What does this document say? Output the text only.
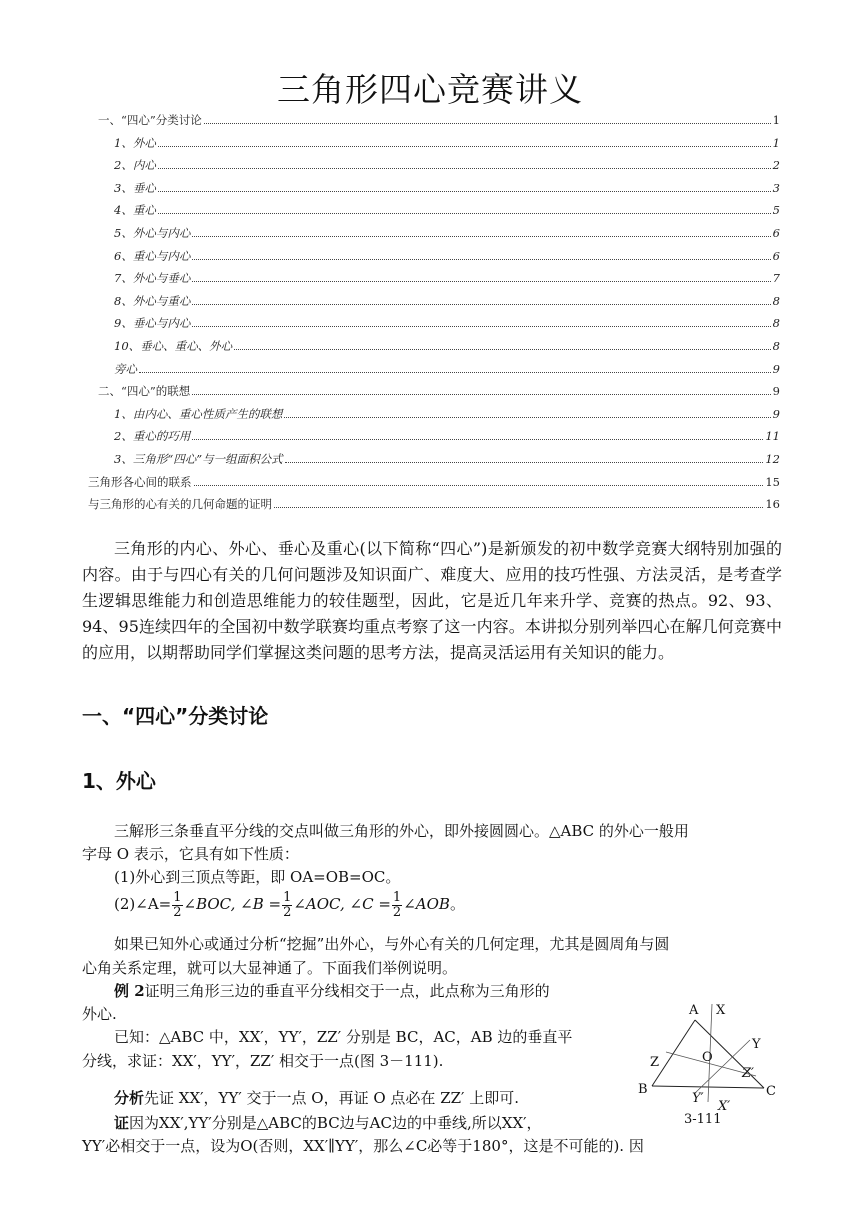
三角形四心竞赛讲义
一、“四心”分类讨论	1
1、外心	1
2、内心	2
3、垂心	3
4、重心	5
5、外心与内心	6
6、重心与内心	6
7、外心与垂心	7
8、外心与重心	8
9、垂心与内心	8
10、垂心、重心、外心	8
旁心	9
二、“四心”的联想	9
1、由内心、重心性质产生的联想	9
2、重心的巧用	11
3、三角形“四心”与一组面积公式	12
三角形各心间的联系	15
与三角形的心有关的几何命题的证明	16

三角形的内心、外心、垂心及重心(以下简称“四心”)是新颁发的初中数学竞赛大纲特别加强的内容。由于与四心有关的几何问题涉及知识面广、难度大、应用的技巧性强、方法灵活，是考查学生逻辑思维能力和创造思维能力的较佳题型，因此，它是近几年来升学、竞赛的热点。92、93、94、95连续四年的全国初中数学联赛均重点考察了这一内容。本讲拟分别列举四心在解几何竞赛中的应用，以期帮助同学们掌握这类问题的思考方法，提高灵活运用有关知识的能力。

一、“四心”分类讨论
1、外心

三解形三条垂直平分线的交点叫做三角形的外心，即外接圆圆心。△ABC 的外心一般用

字母 O 表示，它具有如下性质：

(1)外心到三顶点等距，即 OA=OB=OC。

(2)∠A= $\frac{1}{2}$ ∠BOC, ∠B = $\frac{1}{2}$ ∠AOC, ∠C = $\frac{1}{2}$ ∠AOB。

如果已知外心或通过分析“挖掘”出外心，与外心有关的几何定理，尤其是圆周角与圆

心角关系定理，就可以大显神通了。下面我们举例说明。

例 2证明三角形三边的垂直平分线相交于一点，此点称为三角形的

外心.

已知：△ABC 中，XX′，YY′，ZZ′ 分别是 BC，AC，AB 边的垂直平

分线，求证：XX′，YY′，ZZ′ 相交于一点(图 3－111).

分析先证 XX′，YY′ 交于一点 O，再证 O 点必在 ZZ′ 上即可.

证因为XX′,YY′分别是△ABC的BC边与AC边的中垂线,所以XX′，

YY′必相交于一点，设为O(否则，XX′∥YY′，那么∠C必等于180°，这是不可能的). 因

A X
Y
Z	O
Z′
B	C
Y′
X′
3-111
